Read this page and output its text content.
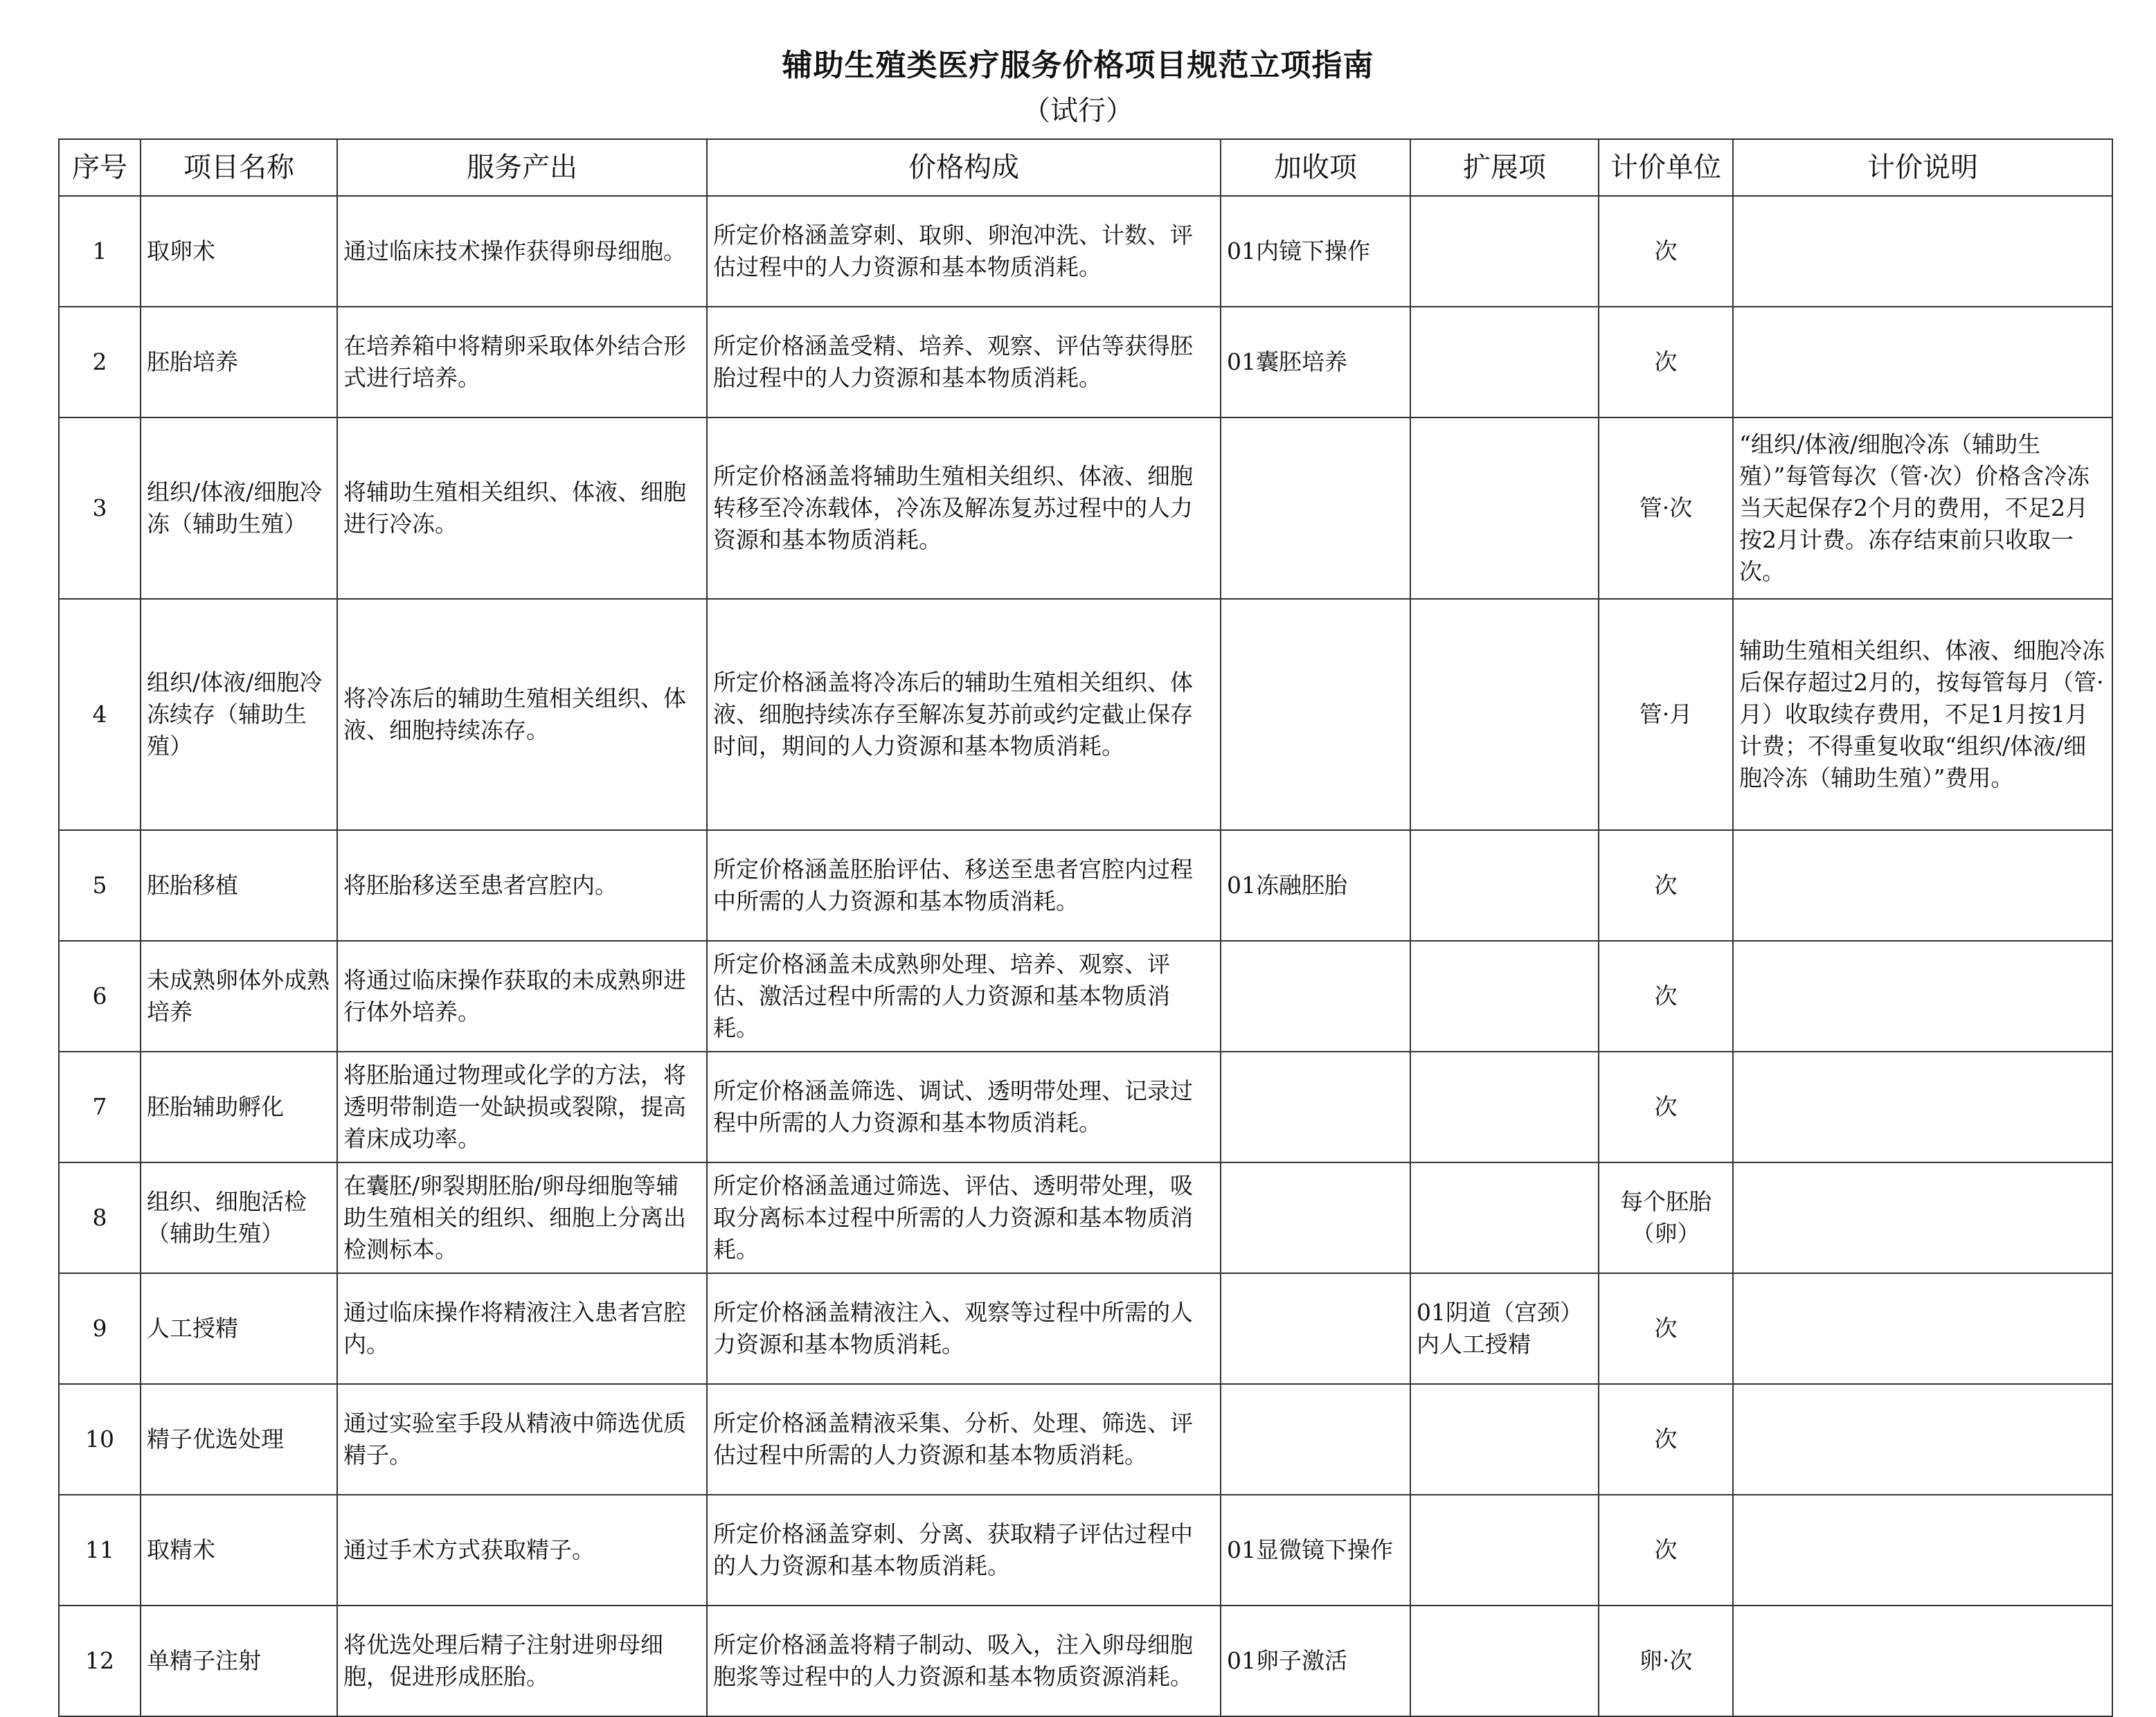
辅助生殖类医疗服务价格项目规范立项指南
（试行）
序号	项目名称	服务产出	价格构成	加收项	扩展项	计价单位	计价说明
1	取卵术	通过临床技术操作获得卵母细胞。	所定价格涵盖穿刺、取卵、卵泡冲洗、计数、评估过程中的人力资源和基本物质消耗。	01内镜下操作		次	
2	胚胎培养	在培养箱中将精卵采取体外结合形式进行培养。	所定价格涵盖受精、培养、观察、评估等获得胚胎过程中的人力资源和基本物质消耗。	01囊胚培养		次	
3	组织/体液/细胞冷冻（辅助生殖）	将辅助生殖相关组织、体液、细胞进行冷冻。	所定价格涵盖将辅助生殖相关组织、体液、细胞转移至冷冻载体，冷冻及解冻复苏过程中的人力资源和基本物质消耗。			管·次	“组织/体液/细胞冷冻（辅助生殖）”每管每次（管·次）价格含冷冻当天起保存2个月的费用，不足2月按2月计费。冻存结束前只收取一次。
4	组织/体液/细胞冷冻续存（辅助生殖）	将冷冻后的辅助生殖相关组织、体液、细胞持续冻存。	所定价格涵盖将冷冻后的辅助生殖相关组织、体液、细胞持续冻存至解冻复苏前或约定截止保存时间，期间的人力资源和基本物质消耗。			管·月	辅助生殖相关组织、体液、细胞冷冻后保存超过2月的，按每管每月（管·月）收取续存费用，不足1月按1月计费；不得重复收取“组织/体液/细胞冷冻（辅助生殖）”费用。
5	胚胎移植	将胚胎移送至患者宫腔内。	所定价格涵盖胚胎评估、移送至患者宫腔内过程中所需的人力资源和基本物质消耗。	01冻融胚胎		次	
6	未成熟卵体外成熟培养	将通过临床操作获取的未成熟卵进行体外培养。	所定价格涵盖未成熟卵处理、培养、观察、评估、激活过程中所需的人力资源和基本物质消耗。			次	
7	胚胎辅助孵化	将胚胎通过物理或化学的方法，将透明带制造一处缺损或裂隙，提高着床成功率。	所定价格涵盖筛选、调试、透明带处理、记录过程中所需的人力资源和基本物质消耗。			次	
8	组织、细胞活检（辅助生殖）	在囊胚/卵裂期胚胎/卵母细胞等辅助生殖相关的组织、细胞上分离出检测标本。	所定价格涵盖通过筛选、评估、透明带处理，吸取分离标本过程中所需的人力资源和基本物质消耗。			每个胚胎（卵）	
9	人工授精	通过临床操作将精液注入患者宫腔内。	所定价格涵盖精液注入、观察等过程中所需的人力资源和基本物质消耗。		01阴道（宫颈）内人工授精	次	
10	精子优选处理	通过实验室手段从精液中筛选优质精子。	所定价格涵盖精液采集、分析、处理、筛选、评估过程中所需的人力资源和基本物质消耗。			次	
11	取精术	通过手术方式获取精子。	所定价格涵盖穿刺、分离、获取精子评估过程中的人力资源和基本物质消耗。	01显微镜下操作		次	
12	单精子注射	将优选处理后精子注射进卵母细胞，促进形成胚胎。	所定价格涵盖将精子制动、吸入，注入卵母细胞胞浆等过程中的人力资源和基本物质资源消耗。	01卵子激活		卵·次	
